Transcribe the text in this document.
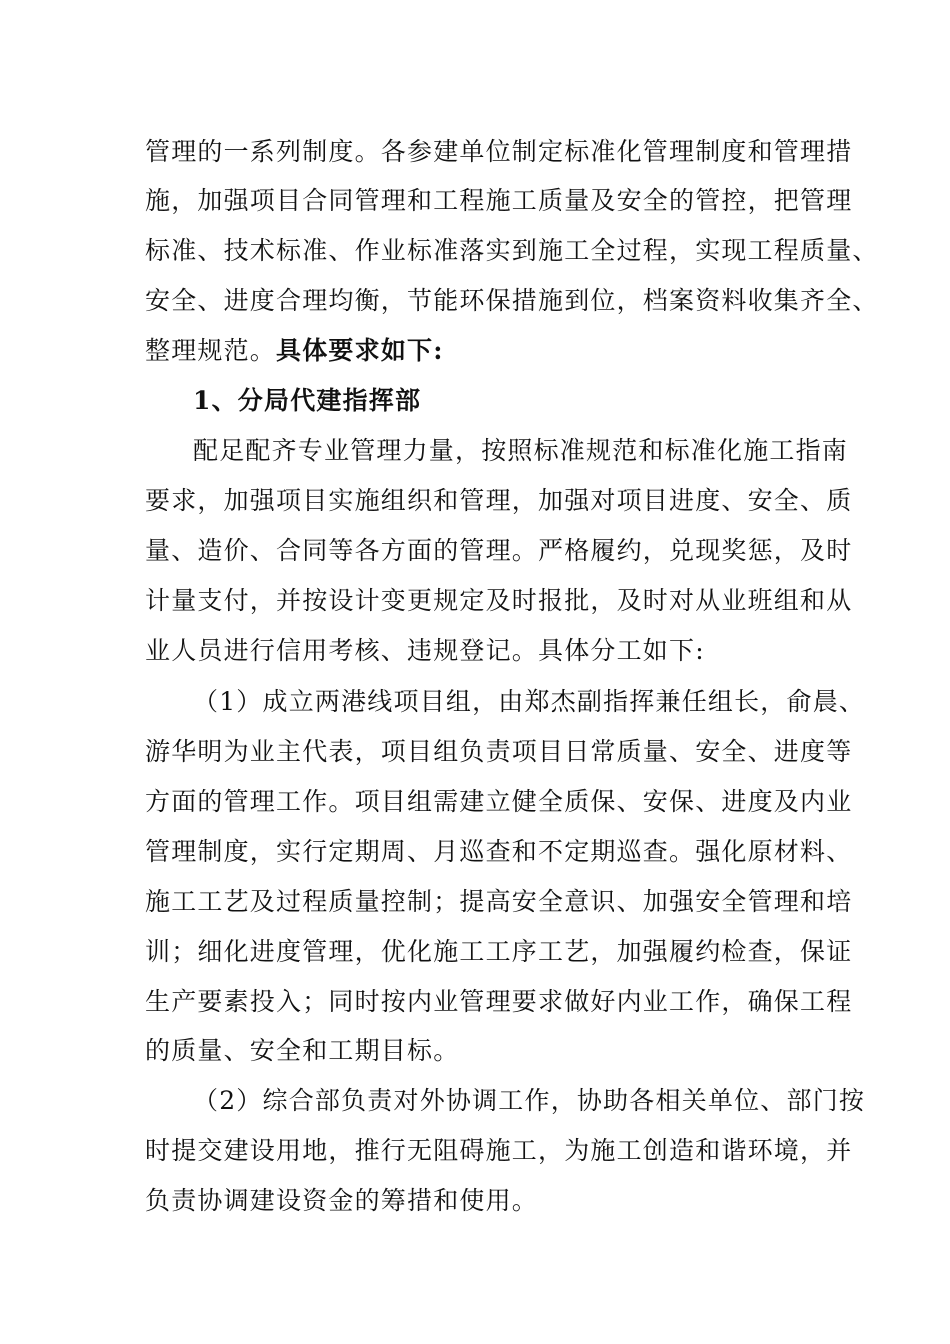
管理的一系列制度。各参建单位制定标准化管理制度和管理措
施，加强项目合同管理和工程施工质量及安全的管控，把管理
标准、技术标准、作业标准落实到施工全过程，实现工程质量、
安全、进度合理均衡，节能环保措施到位，档案资料收集齐全、
整理规范。具体要求如下:
1、分局代建指挥部
配足配齐专业管理力量，按照标准规范和标准化施工指南
要求，加强项目实施组织和管理，加强对项目进度、安全、质
量、造价、合同等各方面的管理。严格履约，兑现奖惩，及时
计量支付，并按设计变更规定及时报批，及时对从业班组和从
业人员进行信用考核、违规登记。具体分工如下:
（1）成立两港线项目组，由郑杰副指挥兼任组长，俞晨、
游华明为业主代表，项目组负责项目日常质量、安全、进度等
方面的管理工作。项目组需建立健全质保、安保、进度及内业
管理制度，实行定期周、月巡查和不定期巡查。强化原材料、
施工工艺及过程质量控制；提高安全意识、加强安全管理和培
训；细化进度管理，优化施工工序工艺，加强履约检查，保证
生产要素投入；同时按内业管理要求做好内业工作，确保工程
的质量、安全和工期目标。
（2）综合部负责对外协调工作，协助各相关单位、部门按
时提交建设用地，推行无阻碍施工，为施工创造和谐环境，并
负责协调建设资金的筹措和使用。
